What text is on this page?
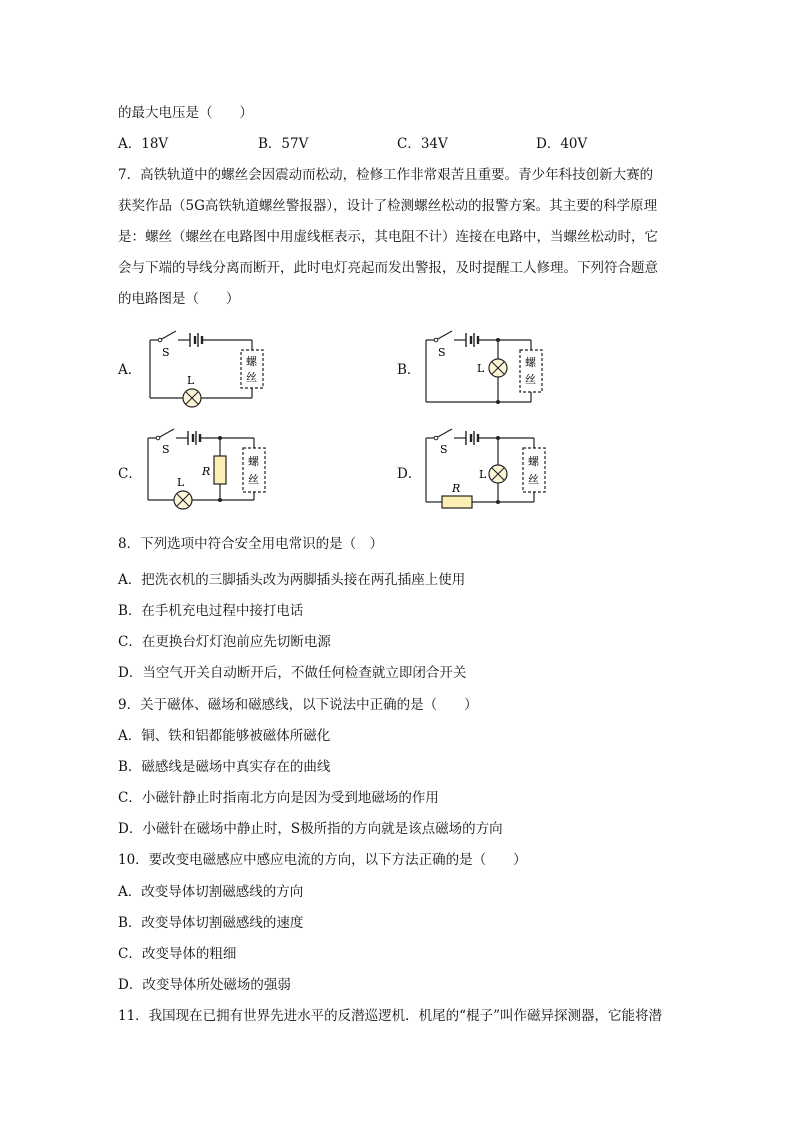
的最大电压是（　　）
A．18V	B．57V	C．34V	D．40V
7．高铁轨道中的螺丝会因震动而松动，检修工作非常艰苦且重要。青少年科技创新大赛的
获奖作品（5G高铁轨道螺丝警报器），设计了检测螺丝松动的报警方案。其主要的科学原理
是：螺丝（螺丝在电路图中用虚线框表示，其电阻不计）连接在电路中，当螺丝松动时，它
会与下端的导线分离而断开，此时电灯亮起而发出警报，及时提醒工人修理。下列符合题意
的电路图是（　　）
A．	B．
C．	D．
S
L
螺
丝
S
L	螺
丝
S
R
L
螺
丝
S
L
R
螺
丝
8．下列选项中符合安全用电常识的是（　）
A．把洗衣机的三脚插头改为两脚插头接在两孔插座上使用
B．在手机充电过程中接打电话
C．在更换台灯灯泡前应先切断电源
D．当空气开关自动断开后，不做任何检查就立即闭合开关
9．关于磁体、磁场和磁感线，以下说法中正确的是（　　）
A．铜、铁和铝都能够被磁体所磁化
B．磁感线是磁场中真实存在的曲线
C．小磁针静止时指南北方向是因为受到地磁场的作用
D．小磁针在磁场中静止时，S极所指的方向就是该点磁场的方向
10．要改变电磁感应中感应电流的方向，以下方法正确的是（　　）
A．改变导体切割磁感线的方向
B．改变导体切割磁感线的速度
C．改变导体的粗细
D．改变导体所处磁场的强弱
11．我国现在已拥有世界先进水平的反潜巡逻机．机尾的“棍子”叫作磁异探测器，它能将潜
